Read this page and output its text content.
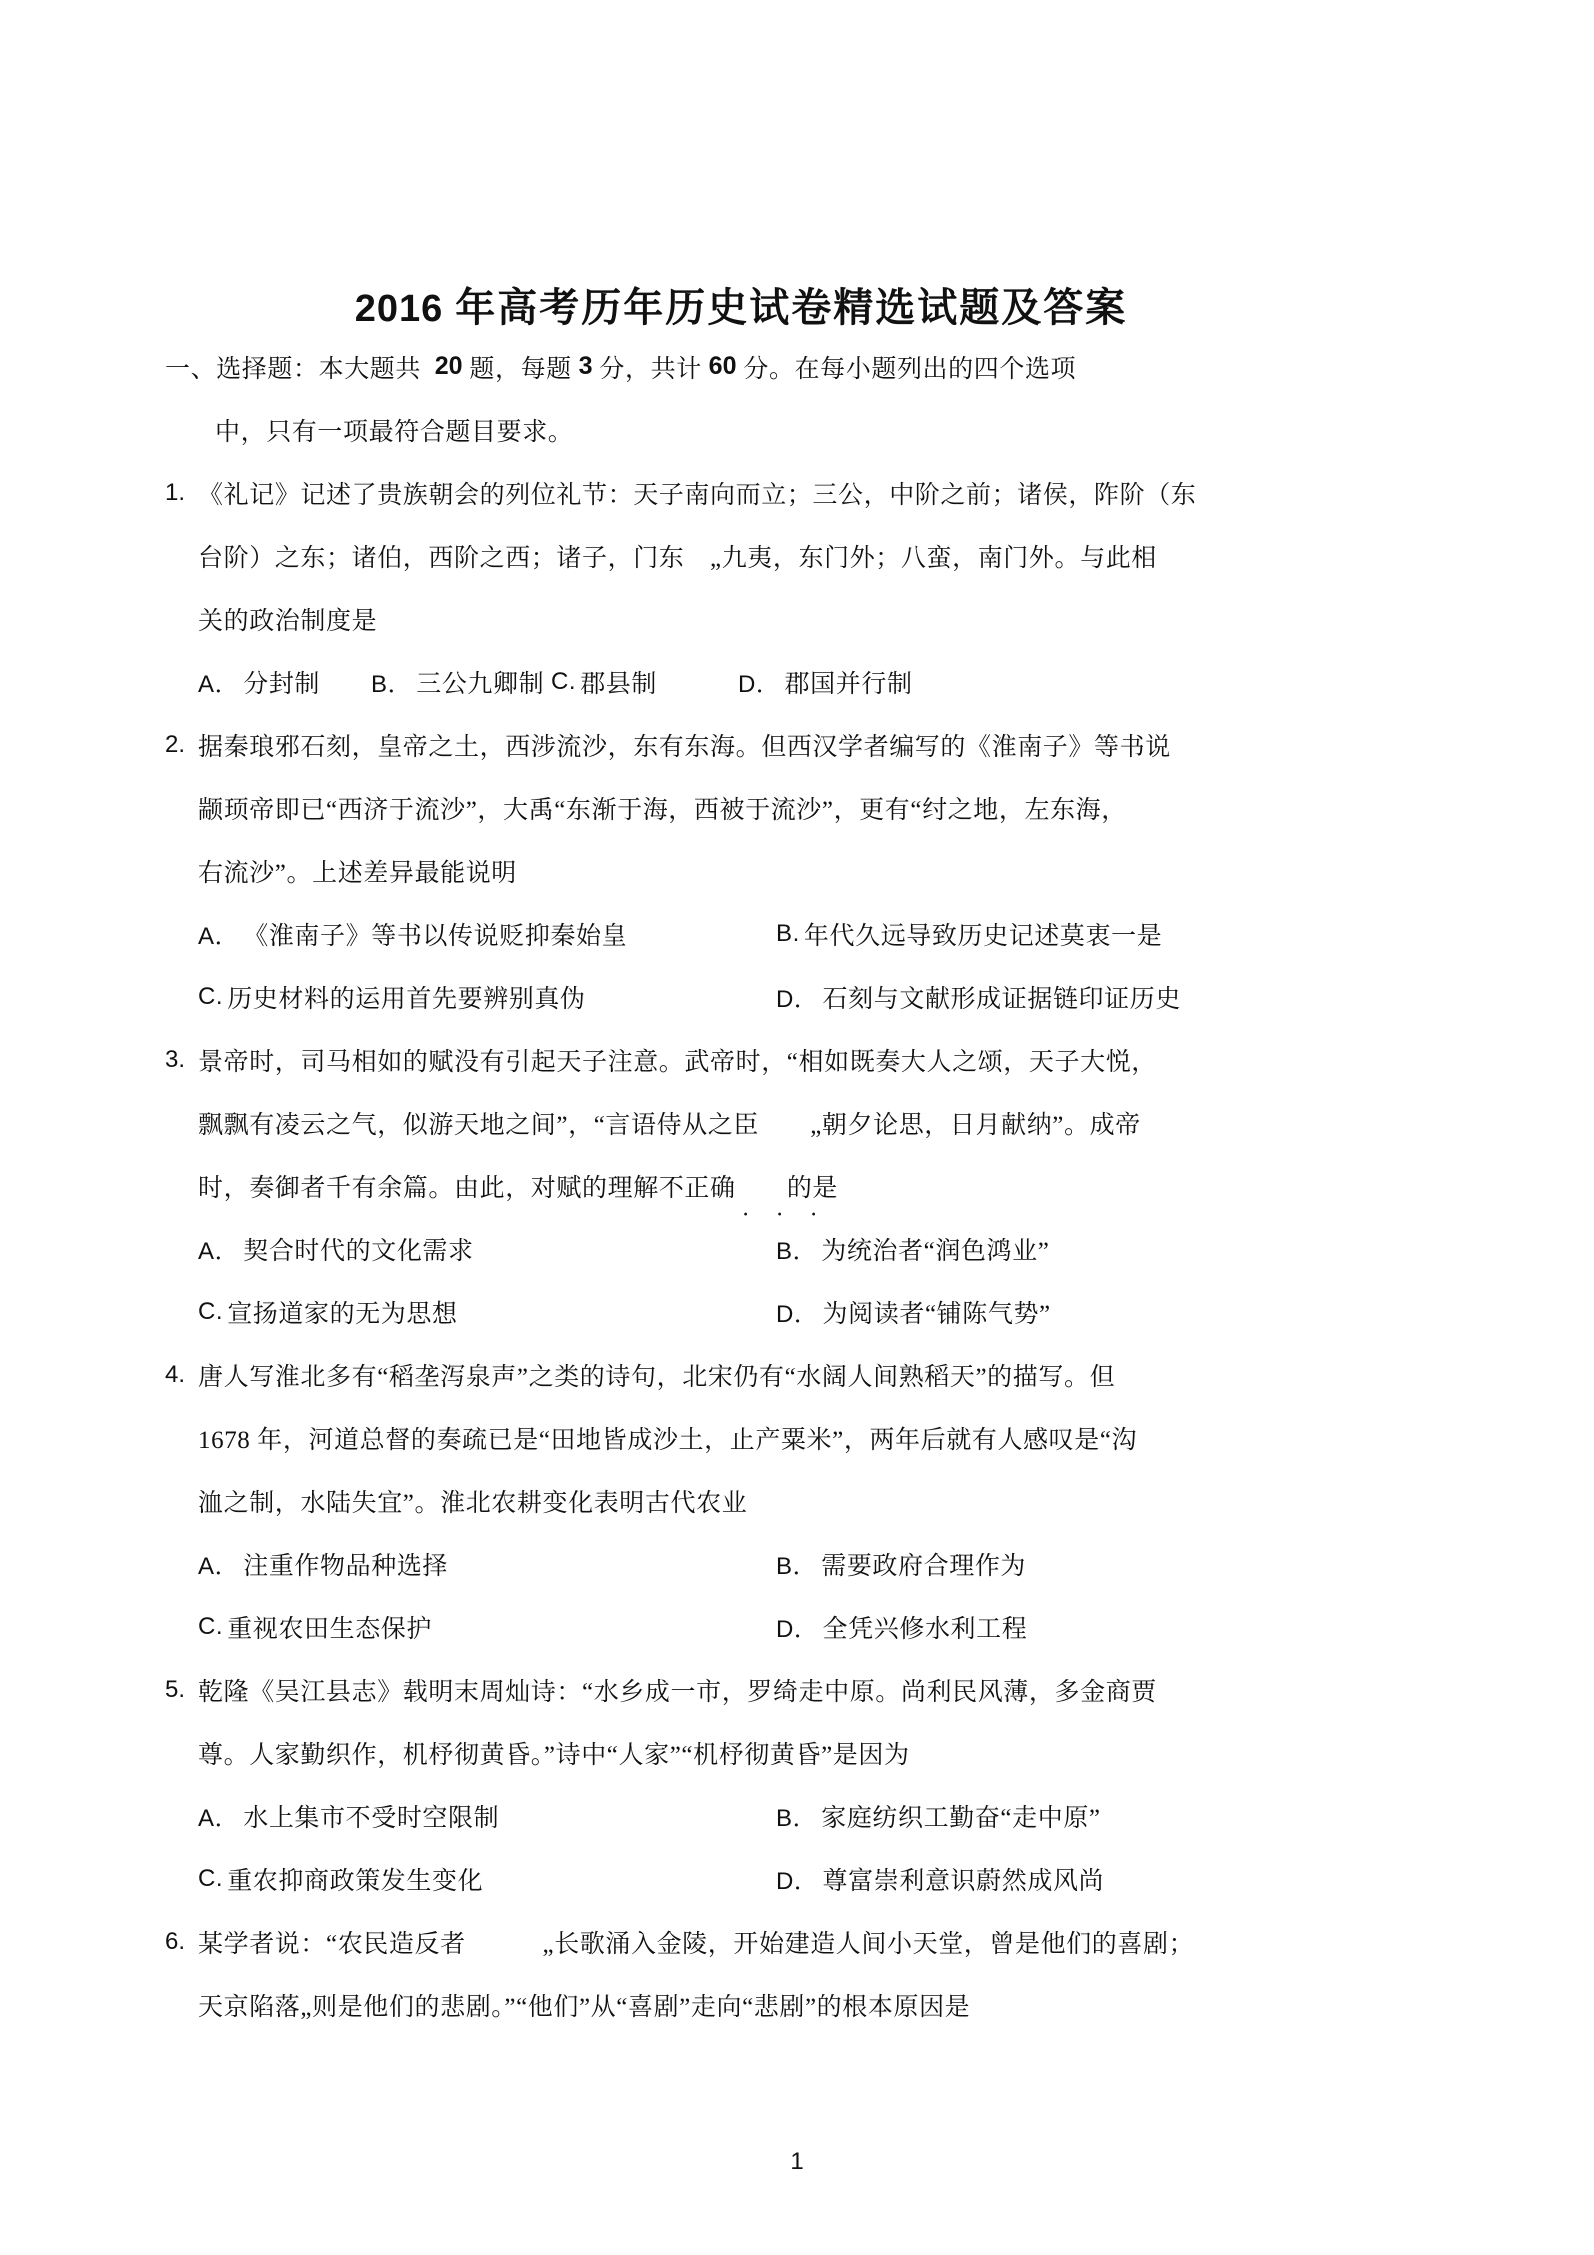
2016 年高考历年历史试卷精选试题及答案

一、选择题：本大题共 20 题，每题 3 分，共计 60 分。在每小题列出的四个选项
中，只有一项最符合题目要求。
1. 《礼记》记述了贵族朝会的列位礼节：天子南向而立；三公，中阶之前；诸侯，阼阶（东
台阶）之东；诸伯，西阶之西；诸子，门东　„九夷，东门外；八蛮，南门外。与此相
关的政治制度是
A． 分封制 B． 三公九卿制 C. 郡县制	D． 郡国并行制
2. 据秦琅邪石刻，皇帝之土，西涉流沙，东有东海。但西汉学者编写的《淮南子》等书说
颛顼帝即已“西济于流沙”，大禹“东渐于海，西被于流沙”，更有“纣之地，左东海，
右流沙”。上述差异最能说明
A． 《淮南子》等书以传说贬抑秦始皇	B. 年代久远导致历史记述莫衷一是
C. 历史材料的运用首先要辨别真伪	D． 石刻与文献形成证据链印证历史
3. 景帝时，司马相如的赋没有引起天子注意。武帝时，“相如既奏大人之颂，天子大悦，
飘飘有凌云之气，似游天地之间”，“言语侍从之臣　　„朝夕论思，日月献纳”。成帝
时，奏御者千有余篇。由此，对赋的理解 不正确
· · ·
　　的是
A． 契合时代的文化需求	B． 为统治者“润色鸿业”
C. 宣扬道家的无为思想	D． 为阅读者“铺陈气势”
4. 唐人写淮北多有“稻垄泻泉声”之类的诗句，北宋仍有“水阔人间熟稻天”的描写。但
1678 年，河道总督的奏疏已是“田地皆成沙土，止产粟米”，两年后就有人感叹是“沟
洫之制，水陆失宜”。淮北农耕变化表明古代农业
A． 注重作物品种选择	B． 需要政府合理作为
C. 重视农田生态保护	D． 全凭兴修水利工程
5. 乾隆《吴江县志》载明末周灿诗：“水乡成一市，罗绮走中原。尚利民风薄，多金商贾
尊。人家勤织作，机杼彻黄昏。”诗中“人家”“机杼彻黄昏”是因为
A． 水上集市不受时空限制	B． 家庭纺织工勤奋“走中原”
C. 重农抑商政策发生变化	D． 尊富崇利意识蔚然成风尚
6. 某学者说：“农民造反者　　　„长歌涌入金陵，开始建造人间小天堂，曾是他们的喜剧；
天京陷落„则是他们的悲剧。”“他们”从“喜剧”走向“悲剧”的根本原因是
1
